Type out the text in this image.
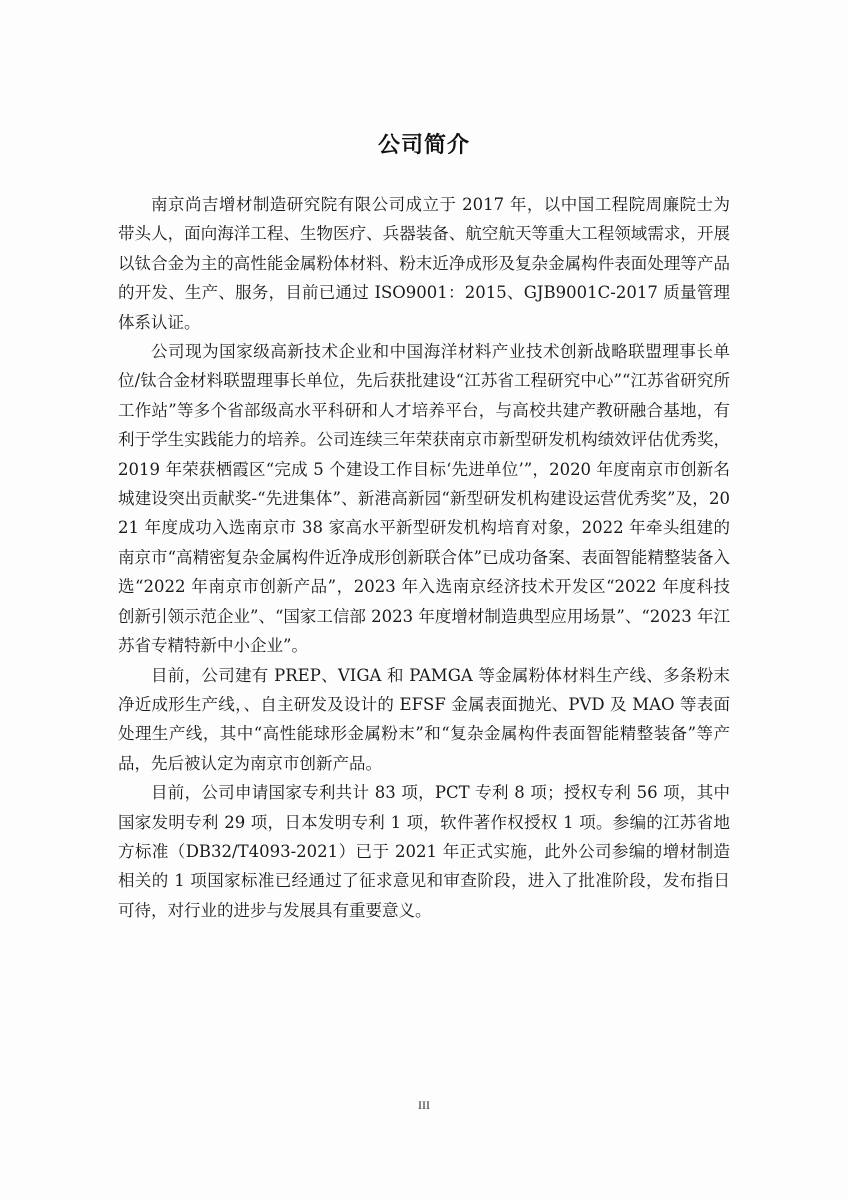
公司简介

南京尚吉增材制造研究院有限公司成立于 2017 年，以中国工程院周廉院士为带头人，面向海洋工程、生物医疗、兵器装备、航空航天等重大工程领域需求，开展以钛合金为主的高性能金属粉体材料、粉末近净成形及复杂金属构件表面处理等产品的开发、生产、服务，目前已通过 ISO9001：2015、GJB9001C-2017 质量管理体系认证。

公司现为国家级高新技术企业和中国海洋材料产业技术创新战略联盟理事长单位/钛合金材料联盟理事长单位，先后获批建设“江苏省工程研究中心”“江苏省研究所工作站”等多个省部级高水平科研和人才培养平台，与高校共建产教研融合基地，有利于学生实践能力的培养。公司连续三年荣获南京市新型研发机构绩效评估优秀奖，2019 年荣获栖霞区“完成 5 个建设工作目标‘先进单位’”，2020 年度南京市创新名城建设突出贡献奖-“先进集体”、新港高新园“新型研发机构建设运营优秀奖”及，2021 年度成功入选南京市 38 家高水平新型研发机构培育对象，2022 年牵头组建的南京市“高精密复杂金属构件近净成形创新联合体”已成功备案、表面智能精整装备入选“2022 年南京市创新产品”，2023 年入选南京经济技术开发区“2022 年度科技创新引领示范企业”、“国家工信部 2023 年度增材制造典型应用场景”、“2023 年江苏省专精特新中小企业”。

目前，公司建有 PREP、VIGA 和 PAMGA 等金属粉体材料生产线、多条粉末净近成形生产线，、自主研发及设计的 EFSF 金属表面抛光、PVD 及 MAO 等表面处理生产线，其中“高性能球形金属粉末”和“复杂金属构件表面智能精整装备”等产品，先后被认定为南京市创新产品。

目前，公司申请国家专利共计 83 项，PCT 专利 8 项；授权专利 56 项，其中国家发明专利 29 项，日本发明专利 1 项，软件著作权授权 1 项。参编的江苏省地方标准（DB32/T4093-2021）已于 2021 年正式实施，此外公司参编的增材制造相关的 1 项国家标准已经通过了征求意见和审查阶段，进入了批准阶段，发布指日可待，对行业的进步与发展具有重要意义。

III
